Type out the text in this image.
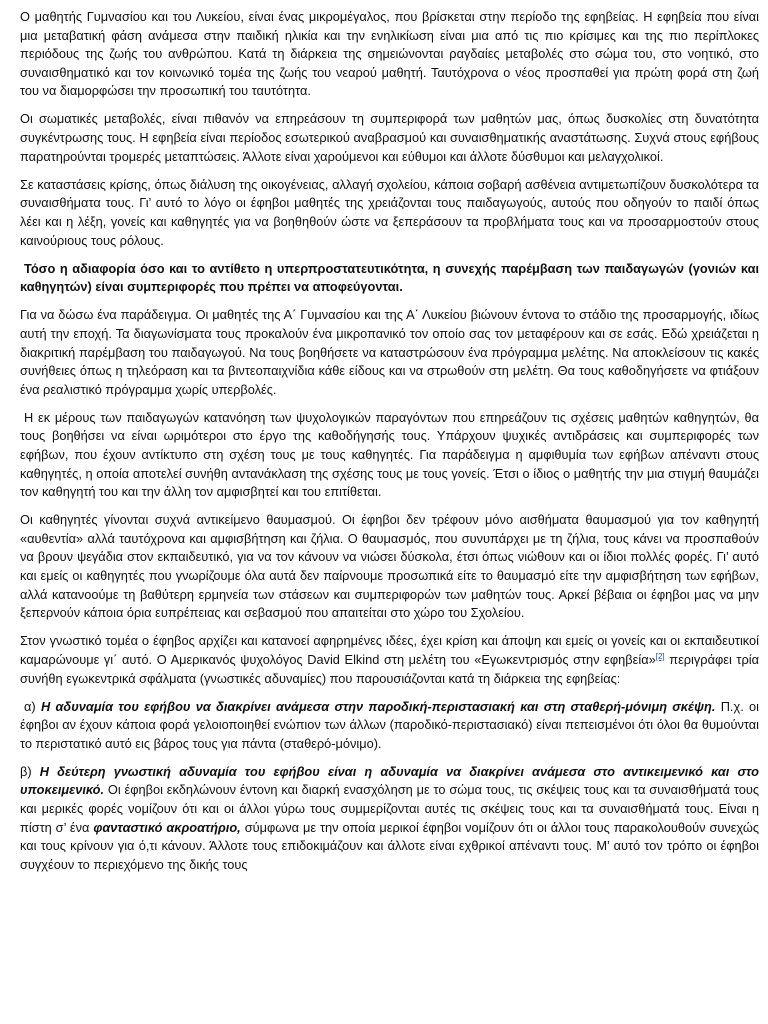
Ο μαθητής Γυμνασίου και του Λυκείου, είναι ένας μικρομέγαλος, που βρίσκεται στην περίοδο της εφηβείας. Η εφηβεία που είναι μια μεταβατική φάση ανάμεσα στην παιδική ηλικία και την ενηλικίωση είναι μια από τις πιο κρίσιμες και της πιο περίπλοκες περιόδους της ζωής του ανθρώπου. Κατά τη διάρκεια της σημειώνονται ραγδαίες μεταβολές στο σώμα του, στο νοητικό, στο συναισθηματικό και τον κοινωνικό τομέα της ζωής του νεαρού μαθητή. Ταυτόχρονα ο νέος προσπαθεί για πρώτη φορά στη ζωή του να διαμορφώσει την προσωπική του ταυτότητα.

Οι σωματικές μεταβολές, είναι πιθανόν να επηρεάσουν τη συμπεριφορά των μαθητών μας, όπως δυσκολίες στη δυνατότητα συγκέντρωσης τους. Η εφηβεία είναι περίοδος εσωτερικού αναβρασμού και συναισθηματικής αναστάτωσης. Συχνά στους εφήβους παρατηρούνται τρομερές μεταπτώσεις. Άλλοτε είναι χαρούμενοι και εύθυμοι και άλλοτε δύσθυμοι και μελαγχολικοί.

Σε καταστάσεις κρίσης, όπως διάλυση της οικογένειας, αλλαγή σχολείου, κάποια σοβαρή ασθένεια αντιμετωπίζουν δυσκολότερα τα συναισθήματα τους. Γι’ αυτό το λόγο οι έφηβοι μαθητές της χρειάζονται τους παιδαγωγούς, αυτούς που οδηγούν το παιδί όπως λέει και η λέξη, γονείς και καθηγητές για να βοηθηθούν ώστε να ξεπεράσουν τα προβλήματα τους και να προσαρμοστούν στους καινούριους τους ρόλους.

Τόσο η αδιαφορία όσο και το αντίθετο η υπερπροστατευτικότητα, η συνεχής παρέμβαση των παιδαγωγών (γονιών και καθηγητών) είναι συμπεριφορές που πρέπει να αποφεύγονται.

Για να δώσω ένα παράδειγμα. Οι μαθητές της Α΄ Γυμνασίου και της Α΄ Λυκείου βιώνουν έντονα το στάδιο της προσαρμογής, ιδίως αυτή την εποχή. Τα διαγωνίσματα τους προκαλούν ένα μικροπανικό τον οποίο σας τον μεταφέρουν και σε εσάς. Εδώ χρειάζεται η διακριτική παρέμβαση του παιδαγωγού. Να τους βοηθήσετε να καταστρώσουν ένα πρόγραμμα μελέτης. Να αποκλείσουν τις κακές συνήθειες όπως η τηλεόραση και τα βιντεοπαιχνίδια κάθε είδους και να στρωθούν στη μελέτη. Θα τους καθοδηγήσετε να φτιάξουν ένα ρεαλιστικό πρόγραμμα χωρίς υπερβολές.

Η εκ μέρους των παιδαγωγών κατανόηση των ψυχολογικών παραγόντων που επηρεάζουν τις σχέσεις μαθητών καθηγητών, θα τους βοηθήσει να είναι ωριμότεροι στο έργο της καθοδήγησής τους. Υπάρχουν ψυχικές αντιδράσεις και συμπεριφορές των εφήβων, που έχουν αντίκτυπο στη σχέση τους με τους καθηγητές. Για παράδειγμα η αμφιθυμία των εφήβων απέναντι στους καθηγητές, η οποία αποτελεί συνήθη αντανάκλαση της σχέσης τους με τους γονείς. Έτσι ο ίδιος ο μαθητής την μια στιγμή θαυμάζει τον καθηγητή του και την άλλη τον αμφισβητεί και του επιτίθεται.

Οι καθηγητές γίνονται συχνά αντικείμενο θαυμασμού. Οι έφηβοι δεν τρέφουν μόνο αισθήματα θαυμασμού για τον καθηγητή «αυθεντία» αλλά ταυτόχρονα και αμφισβήτηση και ζήλια. Ο θαυμασμός, που συνυπάρχει με τη ζήλια, τους κάνει να προσπαθούν να βρουν ψεγάδια στον εκπαιδευτικό, για να τον κάνουν να νιώσει δύσκολα, έτσι όπως νιώθουν και οι ίδιοι πολλές φορές. Γι’ αυτό και εμείς οι καθηγητές που γνωρίζουμε όλα αυτά δεν παίρνουμε προσωπικά είτε το θαυμασμό είτε την αμφισβήτηση των εφήβων, αλλά κατανοούμε τη βαθύτερη ερμηνεία των στάσεων και συμπεριφορών των μαθητών τους. Αρκεί βέβαια οι έφηβοι μας να μην ξεπερνούν κάποια όρια ευπρέπειας και σεβασμού που απαιτείται στο χώρο του Σχολείου.

Στον γνωστικό τομέα ο έφηβος αρχίζει και κατανοεί αφηρημένες ιδέες, έχει κρίση και άποψη και εμείς οι γονείς και οι εκπαιδευτικοί καμαρώνουμε γι΄ αυτό. Ο Αμερικανός ψυχολόγος David Elkind στη μελέτη του «Εγωκεντρισμός στην εφηβεία»[2] περιγράφει τρία συνήθη εγωκεντρικά σφάλματα (γνωστικές αδυναμίες) που παρουσιάζονται κατά τη διάρκεια της εφηβείας:

α) Η αδυναμία του εφήβου να διακρίνει ανάμεσα στην παροδική-περιστασιακή και στη σταθερή-μόνιμη σκέψη. Π.χ. οι έφηβοι αν έχουν κάποια φορά γελοιοποιηθεί ενώπιον των άλλων (παροδικό-περιστασιακό) είναι πεπεισμένοι ότι όλοι θα θυμούνται το περιστατικό αυτό εις βάρος τους για πάντα (σταθερό-μόνιμο).

β) Η δεύτερη γνωστική αδυναμία του εφήβου είναι η αδυναμία να διακρίνει ανάμεσα στο αντικειμενικό και στο υποκειμενικό. Οι έφηβοι εκδηλώνουν έντονη και διαρκή ενασχόληση με το σώμα τους, τις σκέψεις τους και τα συναισθήματά τους και μερικές φορές νομίζουν ότι και οι άλλοι γύρω τους συμμερίζονται αυτές τις σκέψεις τους και τα συναισθήματά τους. Είναι η πίστη σ’ ένα φανταστικό ακροατήριο, σύμφωνα με την οποία μερικοί έφηβοι νομίζουν ότι οι άλλοι τους παρακολουθούν συνεχώς και τους κρίνουν για ό,τι κάνουν. Άλλοτε τους επιδοκιμάζουν και άλλοτε είναι εχθρικοί απέναντι τους. Μ’ αυτό τον τρόπο οι έφηβοι συγχέουν το περιεχόμενο της δικής τους
